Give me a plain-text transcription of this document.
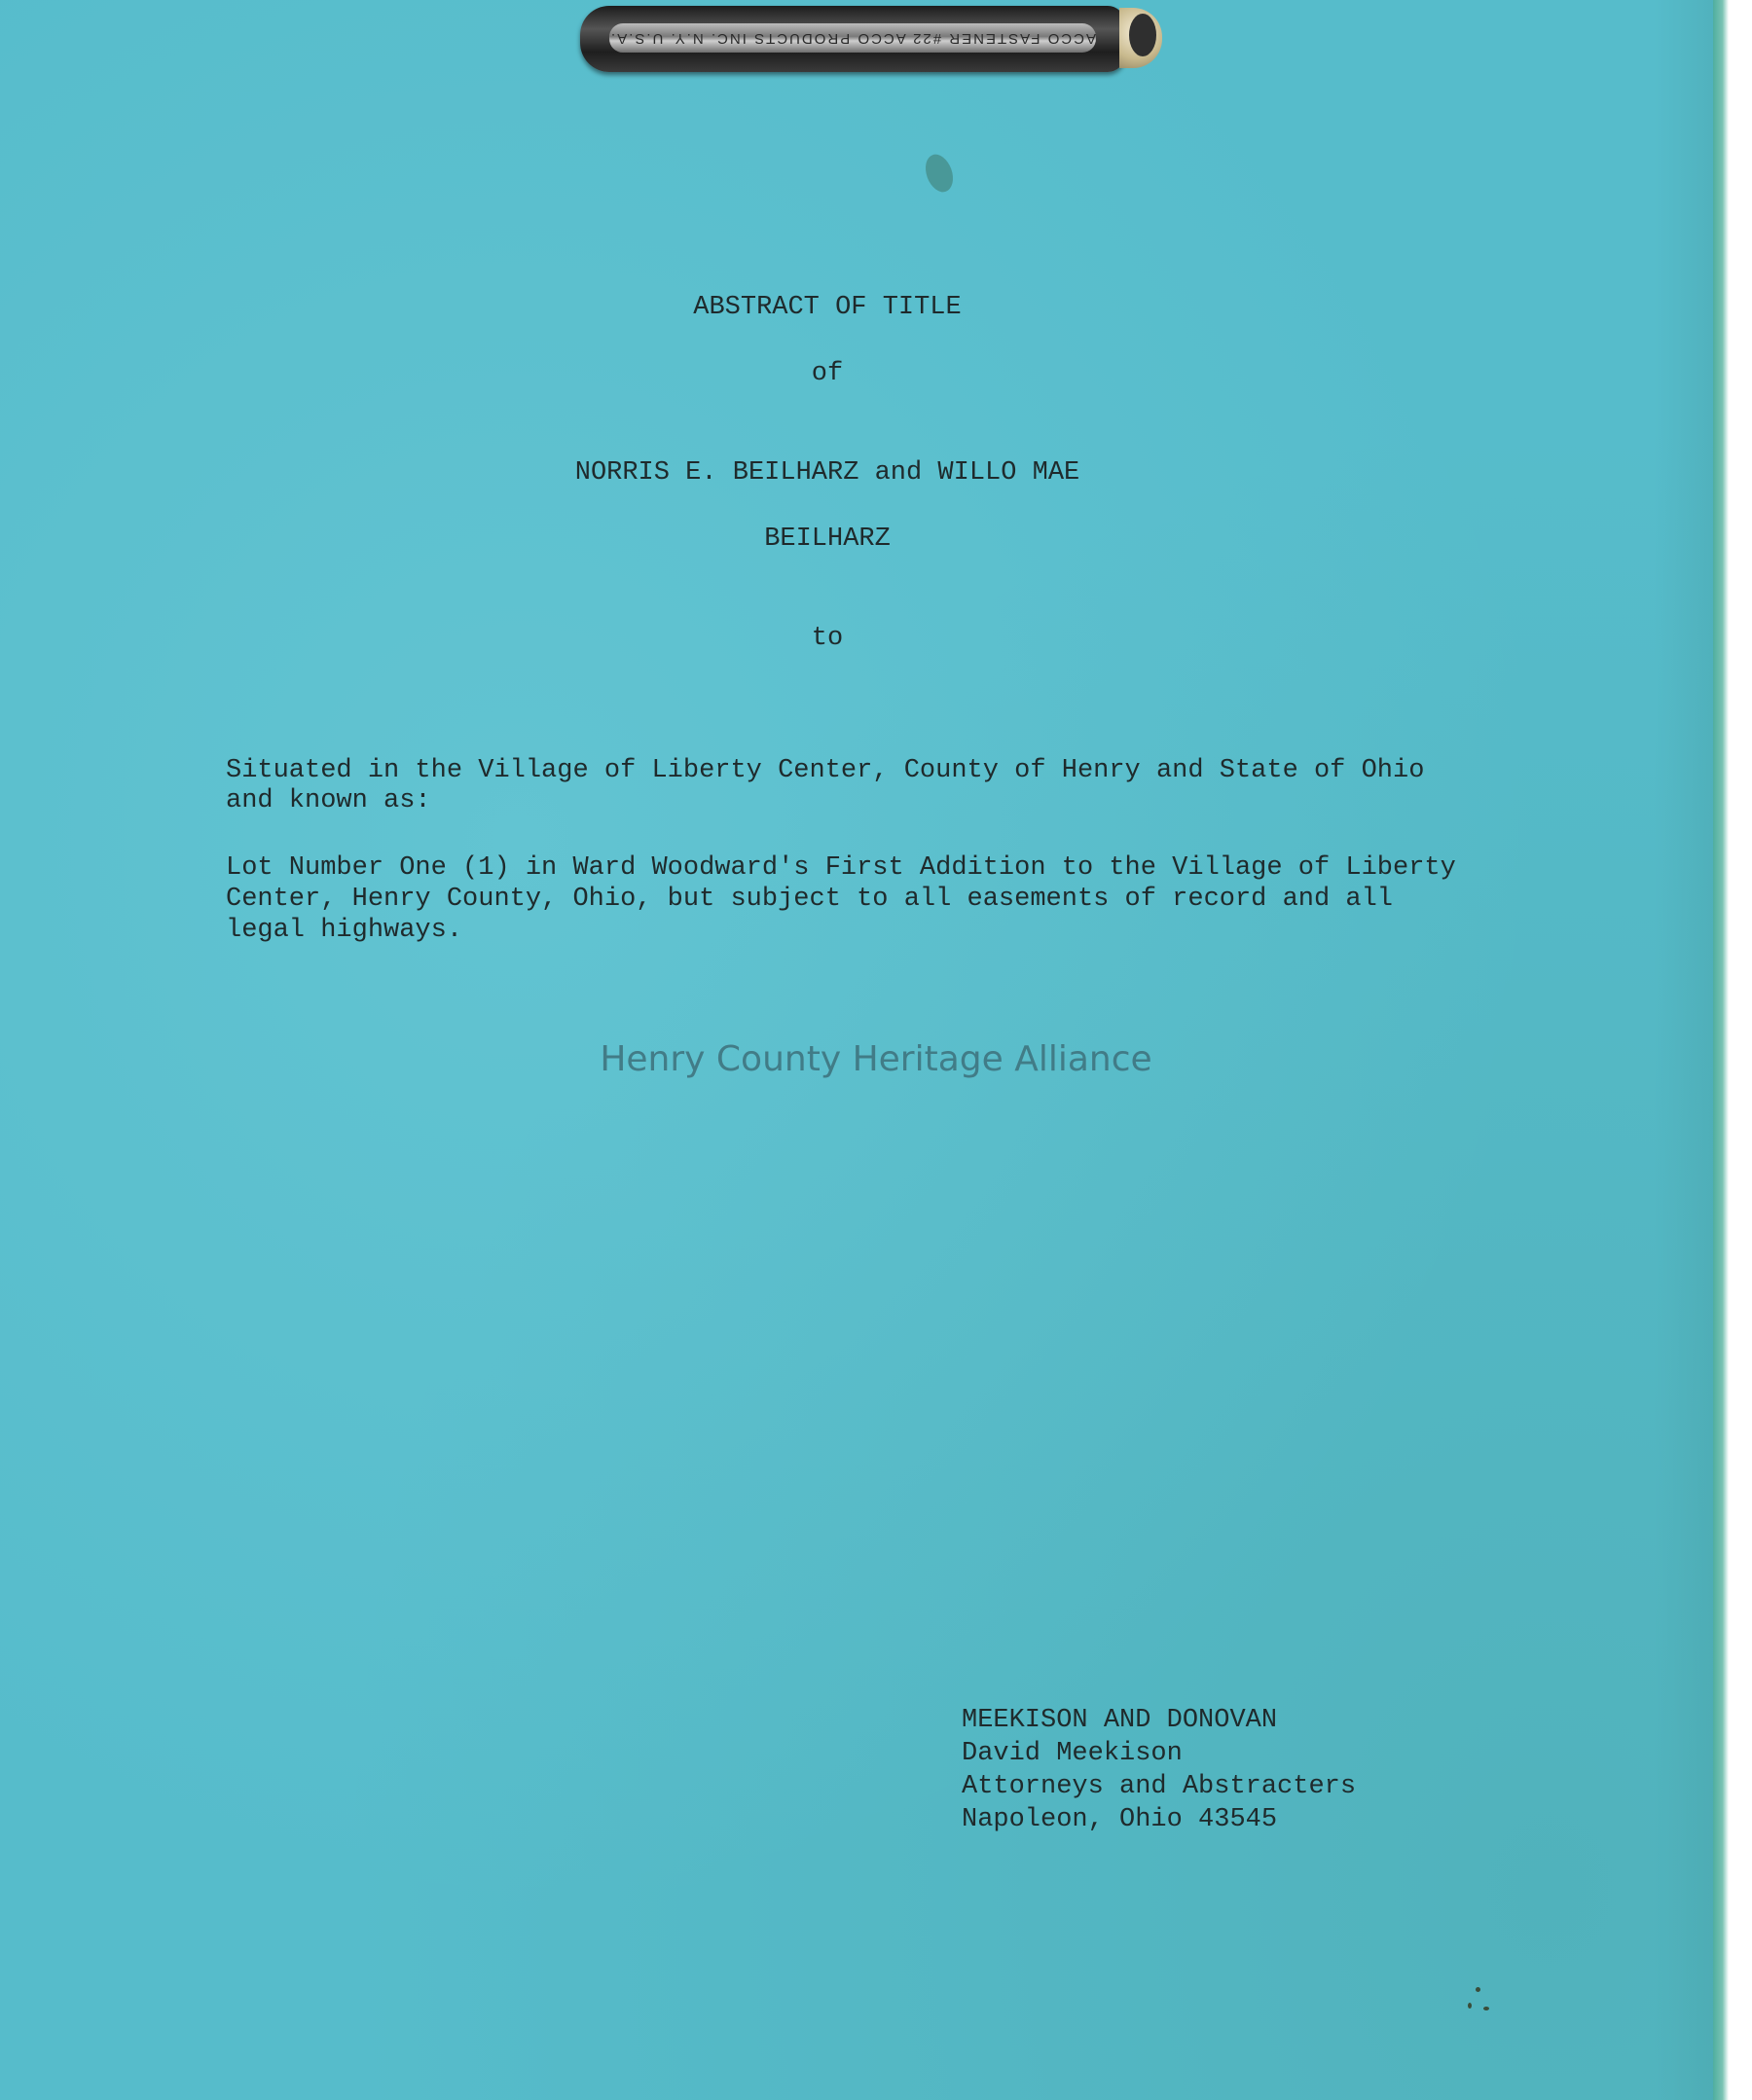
ACCO FASTENER #22 ACCO PRODUCTS INC. N.Y. U.S.A.

ABSTRACT OF TITLE

of

NORRIS E. BEILHARZ and WILLO MAE

BEILHARZ

to

Situated in the Village of Liberty Center, County of Henry and State of Ohio

and known as:

Lot Number One (1) in Ward Woodward's First Addition to the Village of Liberty

Center, Henry County, Ohio, but subject to all easements of record and all

legal highways.

Henry County Heritage Alliance

MEEKISON AND DONOVAN

David Meekison

Attorneys and Abstracters

Napoleon, Ohio 43545
